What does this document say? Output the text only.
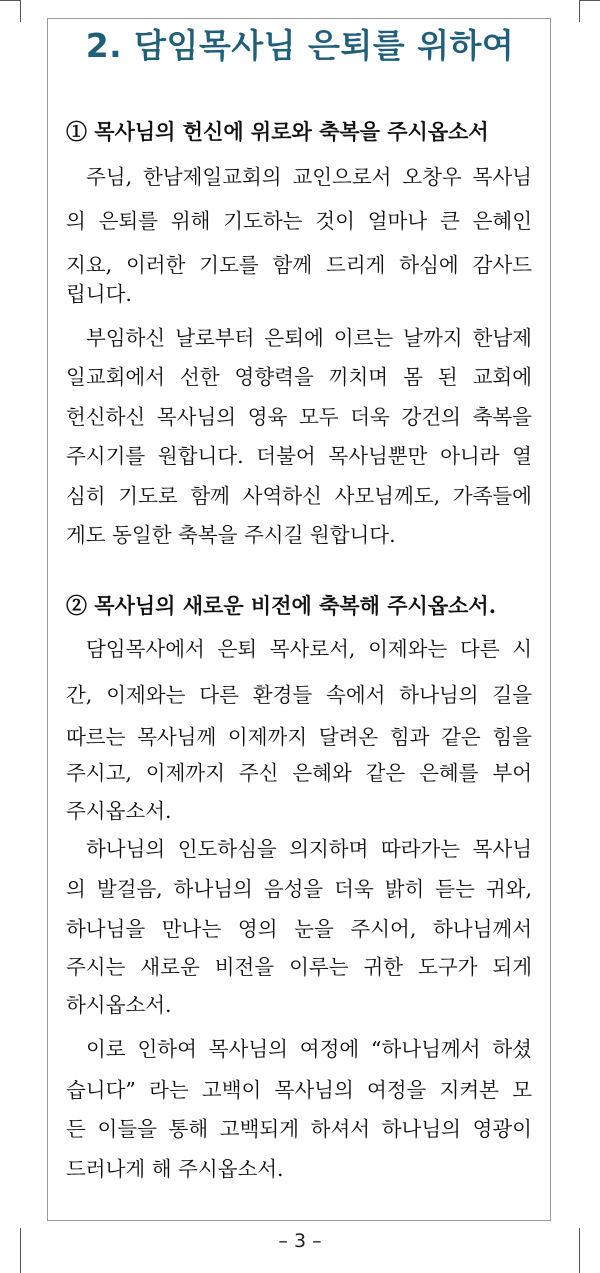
2. 담임목사님 은퇴를 위하여
① 목사님의 헌신에 위로와 축복을 주시옵소서
주님, 한남제일교회의 교인으로서 오창우 목사님
의 은퇴를 위해 기도하는 것이 얼마나 큰 은혜인
지요, 이러한 기도를 함께 드리게 하심에 감사드
립니다.
부임하신 날로부터 은퇴에 이르는 날까지 한남제
일교회에서 선한 영향력을 끼치며 몸 된 교회에
헌신하신 목사님의 영육 모두 더욱 강건의 축복을
주시기를 원합니다. 더불어 목사님뿐만 아니라 열
심히 기도로 함께 사역하신 사모님께도, 가족들에
게도 동일한 축복을 주시길 원합니다.
② 목사님의 새로운 비전에 축복해 주시옵소서.
담임목사에서 은퇴 목사로서, 이제와는 다른 시
간, 이제와는 다른 환경들 속에서 하나님의 길을
따르는 목사님께 이제까지 달려온 힘과 같은 힘을
주시고, 이제까지 주신 은혜와 같은 은혜를 부어
주시옵소서.
하나님의 인도하심을 의지하며 따라가는 목사님
의 발걸음, 하나님의 음성을 더욱 밝히 듣는 귀와,
하나님을 만나는 영의 눈을 주시어, 하나님께서
주시는 새로운 비전을 이루는 귀한 도구가 되게
하시옵소서.
이로 인하여 목사님의 여정에 “하나님께서 하셨
습니다” 라는 고백이 목사님의 여정을 지켜본 모
든 이들을 통해 고백되게 하셔서 하나님의 영광이
드러나게 해 주시옵소서.
– 3 –
